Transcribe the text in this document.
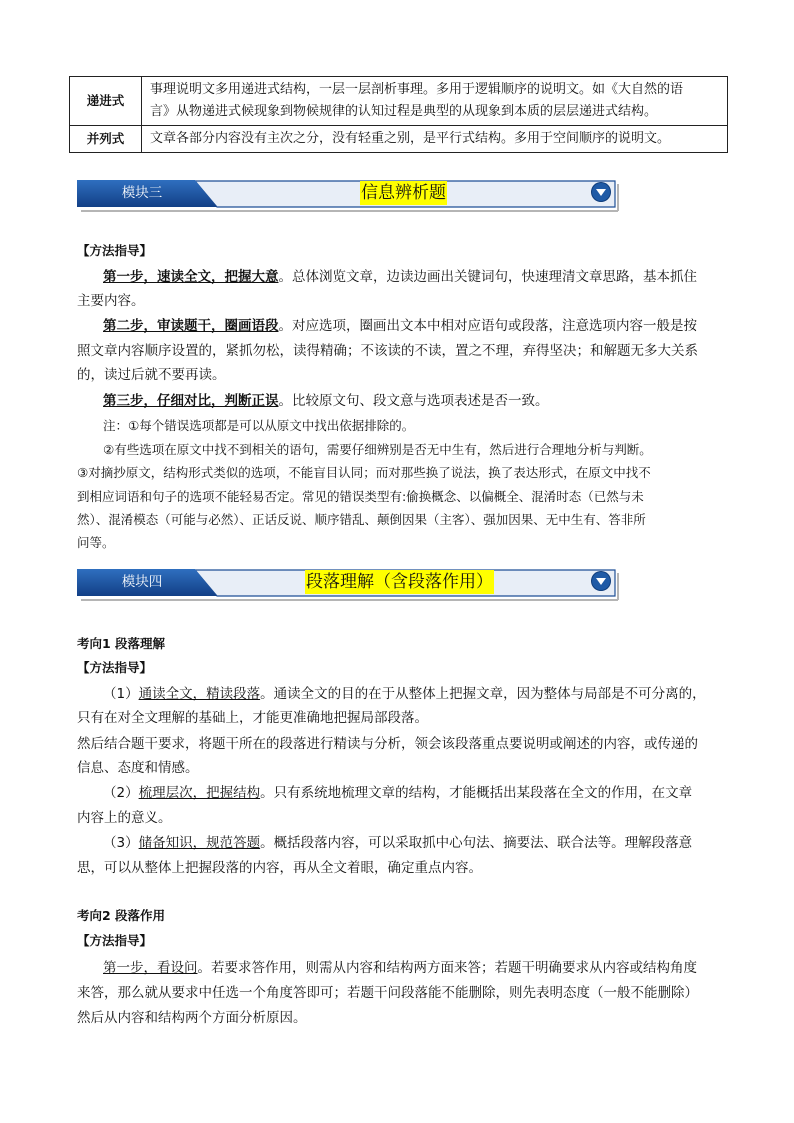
递进式	事理说明文多用递进式结构，一层一层剖析事理。多用于逻辑顺序的说明文。如《大自然的语
言》从物递进式候现象到物候规律的认知过程是典型的从现象到本质的层层递进式结构。

并列式	文章各部分内容没有主次之分，没有轻重之别，是平行式结构。多用于空间顺序的说明文。
模块三	信息辨析题
【方法指导】
第一步，速读全文，把握大意。总体浏览文章，边读边画出关键词句，快速理清文章思路，基本抓住
主要内容。
第二步，审读题干，圈画语段。对应选项，圈画出文本中相对应语句或段落，注意选项内容一般是按
照文章内容顺序设置的，紧抓勿松，读得精确；不该读的不读，置之不理，弃得坚决；和解题无多大关系
的，读过后就不要再读。
第三步，仔细对比，判断正误。比较原文句、段文意与选项表述是否一致。
注：①每个错误选项都是可以从原文中找出依据排除的。
②有些选项在原文中找不到相关的语句，需要仔细辨别是否无中生有，然后进行合理地分析与判断。
③对摘抄原文，结构形式类似的选项，不能盲目认同；而对那些换了说法，换了表达形式，在原文中找不
到相应词语和句子的选项不能轻易否定。常见的错误类型有:偷换概念、以偏概全、混淆时态（已然与未
然）、混淆模态（可能与必然）、正话反说、顺序错乱、颠倒因果（主客）、强加因果、无中生有、答非所
问等。
模块四	段落理解（含段落作用）
考向1 段落理解
【方法指导】
（1）通读全文，精读段落。通读全文的目的在于从整体上把握文章，因为整体与局部是不可分离的，
只有在对全文理解的基础上，才能更准确地把握局部段落。
然后结合题干要求，将题干所在的段落进行精读与分析，领会该段落重点要说明或阐述的内容，或传递的
信息、态度和情感。
（2）梳理层次，把握结构。只有系统地梳理文章的结构，才能概括出某段落在全文的作用，在文章
内容上的意义。
（3）储备知识，规范答题。概括段落内容，可以采取抓中心句法、摘要法、联合法等。理解段落意
思，可以从整体上把握段落的内容，再从全文着眼，确定重点内容。
考向2 段落作用
【方法指导】
第一步，看设问。若要求答作用，则需从内容和结构两方面来答；若题干明确要求从内容或结构角度
来答，那么就从要求中任选一个角度答即可；若题干问段落能不能删除，则先表明态度（一般不能删除）
然后从内容和结构两个方面分析原因。
